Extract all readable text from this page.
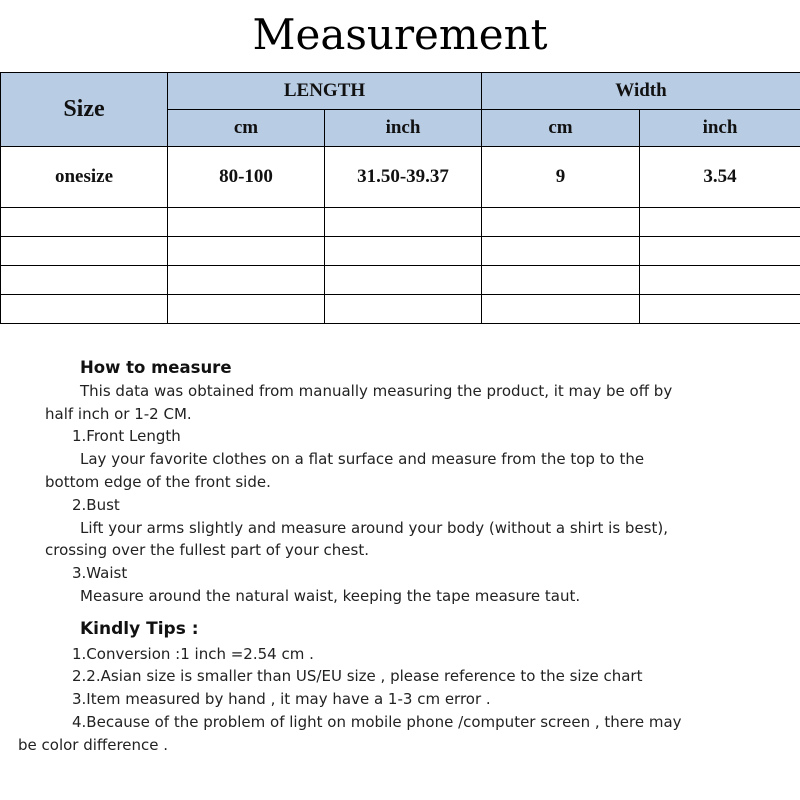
Measurement
Size	LENGTH		Width	
	cm	inch	cm	inch
onesize	80-100	31.50-39.37	9	3.54

How to measure
This data was obtained from manually measuring the product, it may be off by
half inch or 1-2 CM.
1.Front Length
Lay your favorite clothes on a flat surface and measure from the top to the
bottom edge of the front side.
2.Bust
Lift your arms slightly and measure around your body (without a shirt is best),
crossing over the fullest part of your chest.
3.Waist
Measure around the natural waist, keeping the tape measure taut.
Kindly Tips :
1.Conversion :1 inch =2.54 cm .
2.2.Asian size is smaller than US/EU size , please reference to the size chart
3.Item measured by hand , it may have a 1-3 cm error .
4.Because of the problem of light on mobile phone /computer screen , there may
be color difference .
